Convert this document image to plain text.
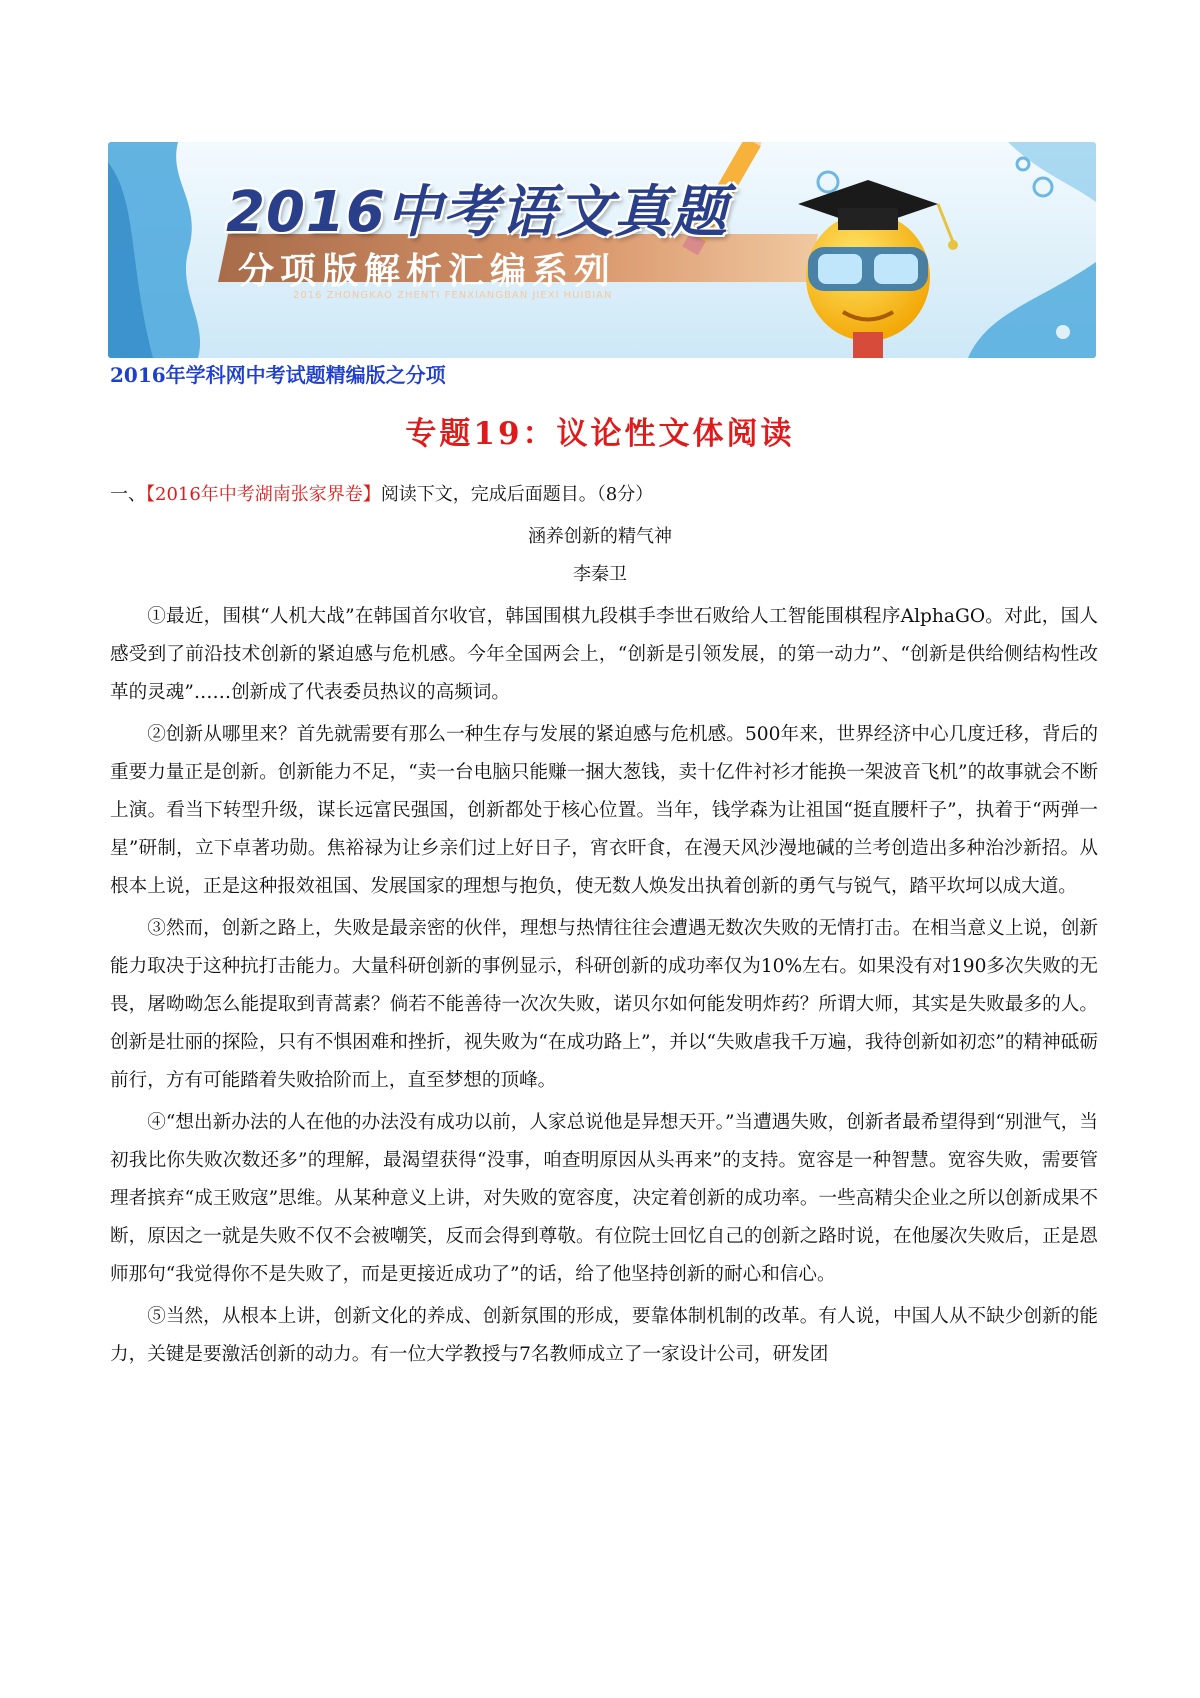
2016中考语文真题
分项版解析汇编系列
2016 ZHONGKAO ZHENTI FENXIANGBAN JIEXI HUIBIAN
2016年学科网中考试题精编版之分项
专题19：议论性文体阅读
一、【2016年中考湖南张家界卷】阅读下文，完成后面题目。（8分）
涵养创新的精气神
李秦卫

①最近，围棋“人机大战”在韩国首尔收官，韩国围棋九段棋手李世石败给人工智能围棋程序AlphaGO。对此，国人感受到了前沿技术创新的紧迫感与危机感。今年全国两会上，“创新是引领发展，的第一动力”、“创新是供给侧结构性改革的灵魂”……创新成了代表委员热议的高频词。

②创新从哪里来？首先就需要有那么一种生存与发展的紧迫感与危机感。500年来，世界经济中心几度迁移，背后的重要力量正是创新。创新能力不足，“卖一台电脑只能赚一捆大葱钱，卖十亿件衬衫才能换一架波音飞机”的故事就会不断上演。看当下转型升级，谋长远富民强国，创新都处于核心位置。当年，钱学森为让祖国“挺直腰杆子”，执着于“两弹一星”研制，立下卓著功勋。焦裕禄为让乡亲们过上好日子，宵衣旰食，在漫天风沙漫地碱的兰考创造出多种治沙新招。从根本上说，正是这种报效祖国、发展国家的理想与抱负，使无数人焕发出执着创新的勇气与锐气，踏平坎坷以成大道。

③然而，创新之路上，失败是最亲密的伙伴，理想与热情往往会遭遇无数次失败的无情打击。在相当意义上说，创新能力取决于这种抗打击能力。大量科研创新的事例显示，科研创新的成功率仅为10%左右。如果没有对190多次失败的无畏，屠呦呦怎么能提取到青蒿素？倘若不能善待一次次失败，诺贝尔如何能发明炸药？所谓大师，其实是失败最多的人。创新是壮丽的探险，只有不惧困难和挫折，视失败为“在成功路上”，并以“失败虐我千万遍，我待创新如初恋”的精神砥砺前行，方有可能踏着失败拾阶而上，直至梦想的顶峰。

④“想出新办法的人在他的办法没有成功以前，人家总说他是异想天开。”当遭遇失败，创新者最希望得到“别泄气，当初我比你失败次数还多”的理解，最渴望获得“没事，咱查明原因从头再来”的支持。宽容是一种智慧。宽容失败，需要管理者摈弃“成王败寇”思维。从某种意义上讲，对失败的宽容度，决定着创新的成功率。一些高精尖企业之所以创新成果不断，原因之一就是失败不仅不会被嘲笑，反而会得到尊敬。有位院士回忆自己的创新之路时说，在他屡次失败后，正是恩师那句“我觉得你不是失败了，而是更接近成功了”的话，给了他坚持创新的耐心和信心。

⑤当然，从根本上讲，创新文化的养成、创新氛围的形成，要靠体制机制的改革。有人说，中国人从不缺少创新的能力，关键是要激活创新的动力。有一位大学教授与7名教师成立了一家设计公司，研发团
